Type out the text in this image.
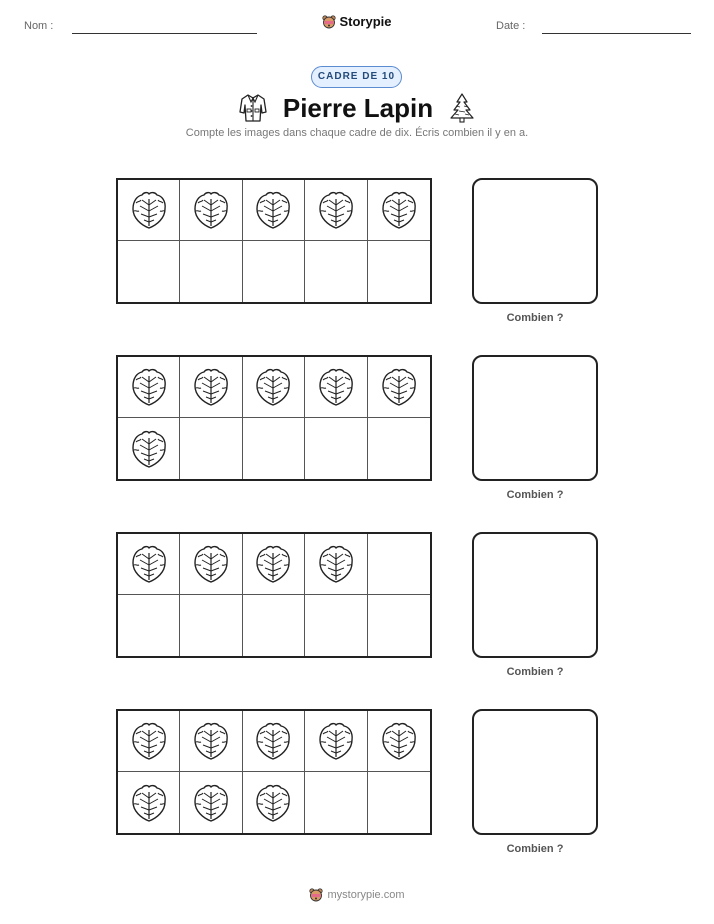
Nom :	Storypie	Date :
CADRE DE 10
Pierre Lapin
Compte les images dans chaque cadre de dix. Écris combien il y en a.
Combien ?
Combien ?
Combien ?
Combien ?
mystorypie.com
